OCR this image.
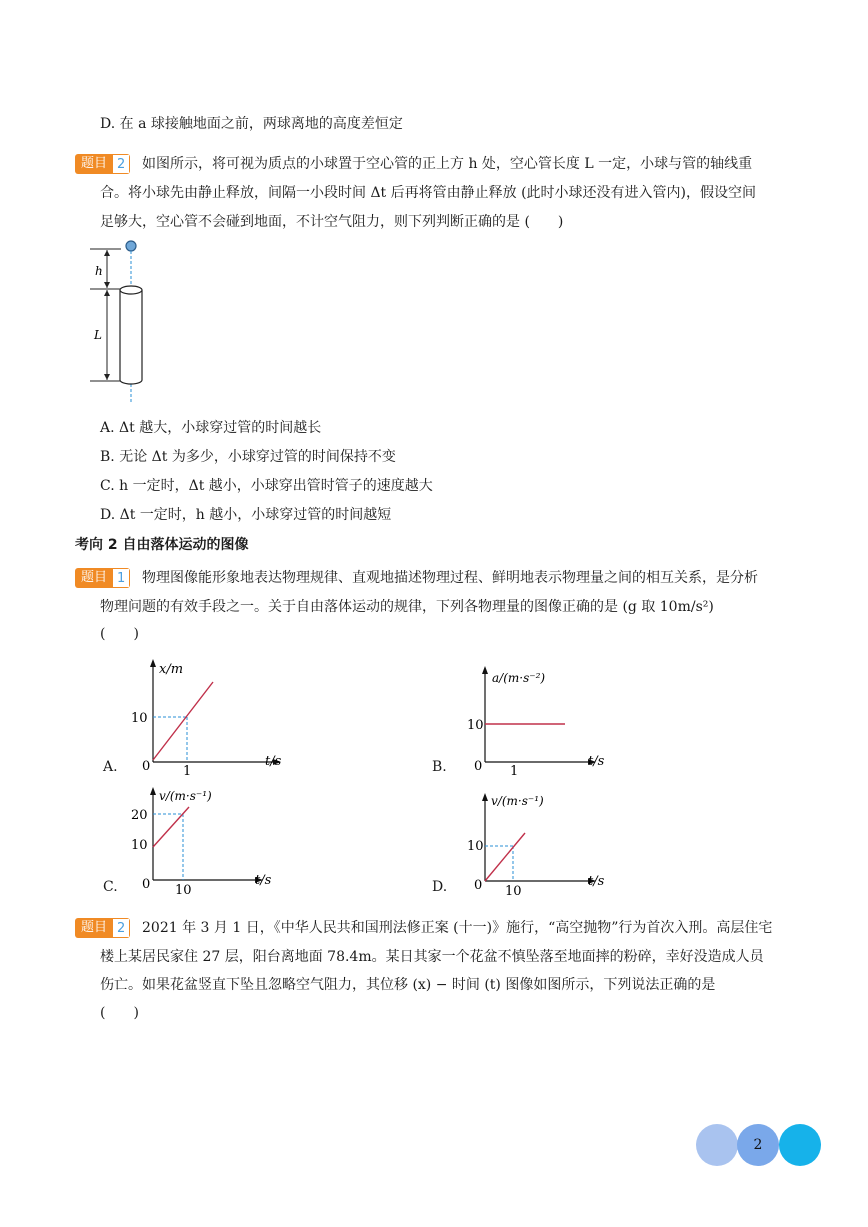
D. 在 a 球接触地面之前，两球离地的高度差恒定
题目 2	如图所示，将可视为质点的小球置于空心管的正上方 h 处，空心管长度 L 一定，小球与管的轴线重
合。将小球先由静止释放，间隔一小段时间 Δt 后再将管由静止释放 (此时小球还没有进入管内)，假设空间
足够大，空心管不会碰到地面，不计空气阻力，则下列判断正确的是 (　　)
h
L
A. Δt 越大，小球穿过管的时间越长
B. 无论 Δt 为多少，小球穿过管的时间保持不变
C. h 一定时，Δt 越小，小球穿出管时管子的速度越大
D. Δt 一定时，h 越小，小球穿过管的时间越短
考向 2 自由落体运动的图像
题目 1	物理图像能形象地表达物理规律、直观地描述物理过程、鲜明地表示物理量之间的相互关系，是分析
物理问题的有效手段之一。关于自由落体运动的规律，下列各物理量的图像正确的是 (g 取 10m/s²)
(　　)
A.
x/m
t/s
0
10
1	B.
a/(m·s⁻²)
t/s
0
10
1
C.
v/(m·s⁻¹)
t/s
0
20
10
10	D.
v/(m·s⁻¹)
t/s
0
10
10
题目 2	2021 年 3 月 1 日，《中华人民共和国刑法修正案 (十一)》施行，“高空抛物”行为首次入刑。高层住宅
楼上某居民家住 27 层，阳台离地面 78.4m。某日其家一个花盆不慎坠落至地面摔的粉碎，幸好没造成人员
伤亡。如果花盆竖直下坠且忽略空气阻力，其位移 (x) − 时间 (t) 图像如图所示，下列说法正确的是
(　　)
2
